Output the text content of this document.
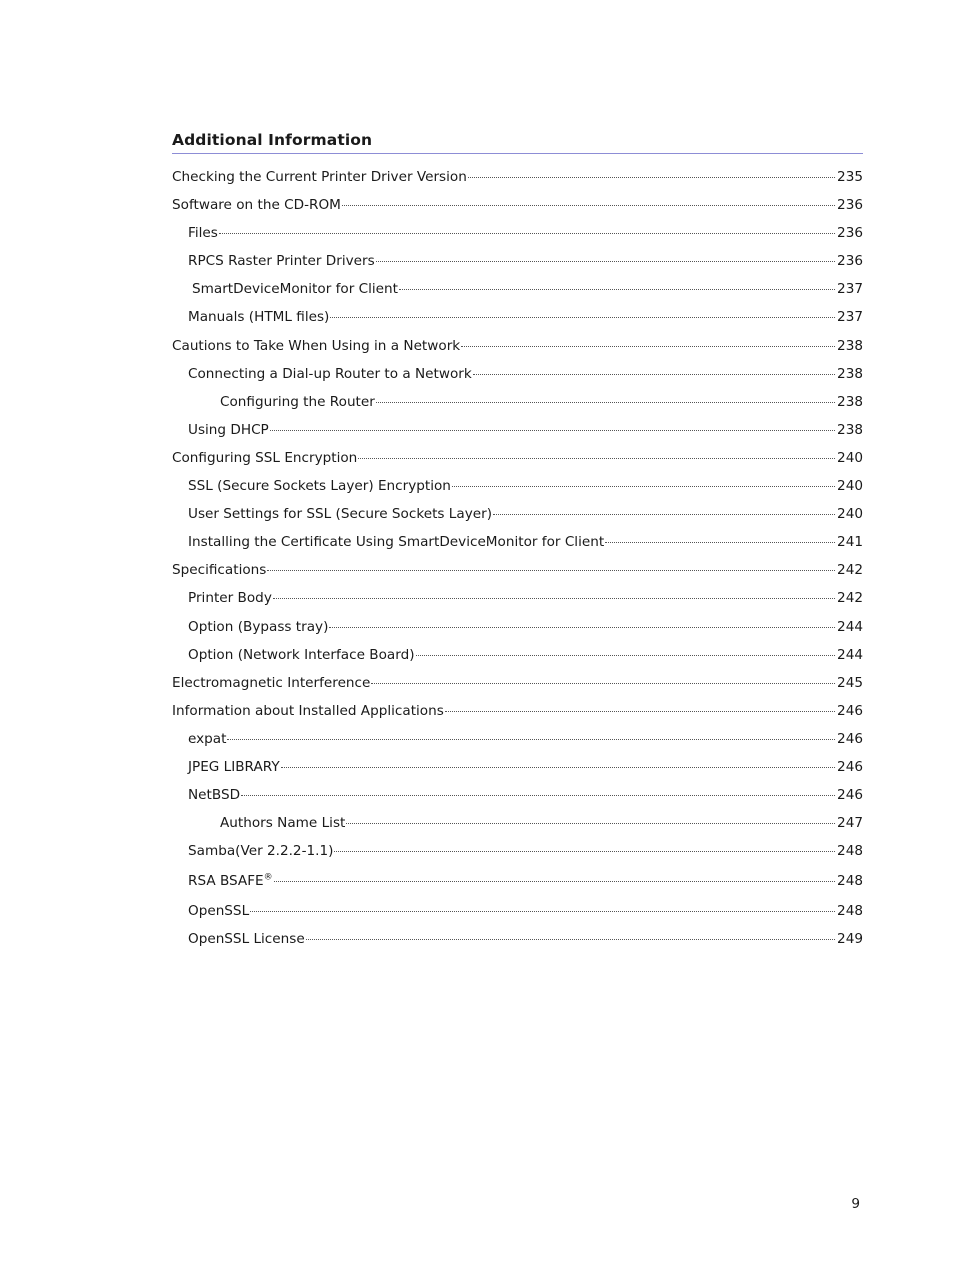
Additional Information
Checking the Current Printer Driver Version	235
Software on the CD-ROM	236
Files	236
RPCS Raster Printer Drivers	236
SmartDeviceMonitor for Client	237
Manuals (HTML files)	237
Cautions to Take When Using in a Network	238
Connecting a Dial-up Router to a Network	238
Configuring the Router	238
Using DHCP	238
Configuring SSL Encryption	240
SSL (Secure Sockets Layer) Encryption	240
User Settings for SSL (Secure Sockets Layer)	240
Installing the Certificate Using SmartDeviceMonitor for Client	241
Specifications	242
Printer Body	242
Option (Bypass tray)	244
Option (Network Interface Board)	244
Electromagnetic Interference	245
Information about Installed Applications	246
expat	246
JPEG LIBRARY	246
NetBSD	246
Authors Name List	247
Samba(Ver 2.2.2-1.1)	248
RSA BSAFE®	248
OpenSSL	248
OpenSSL License	249
9
